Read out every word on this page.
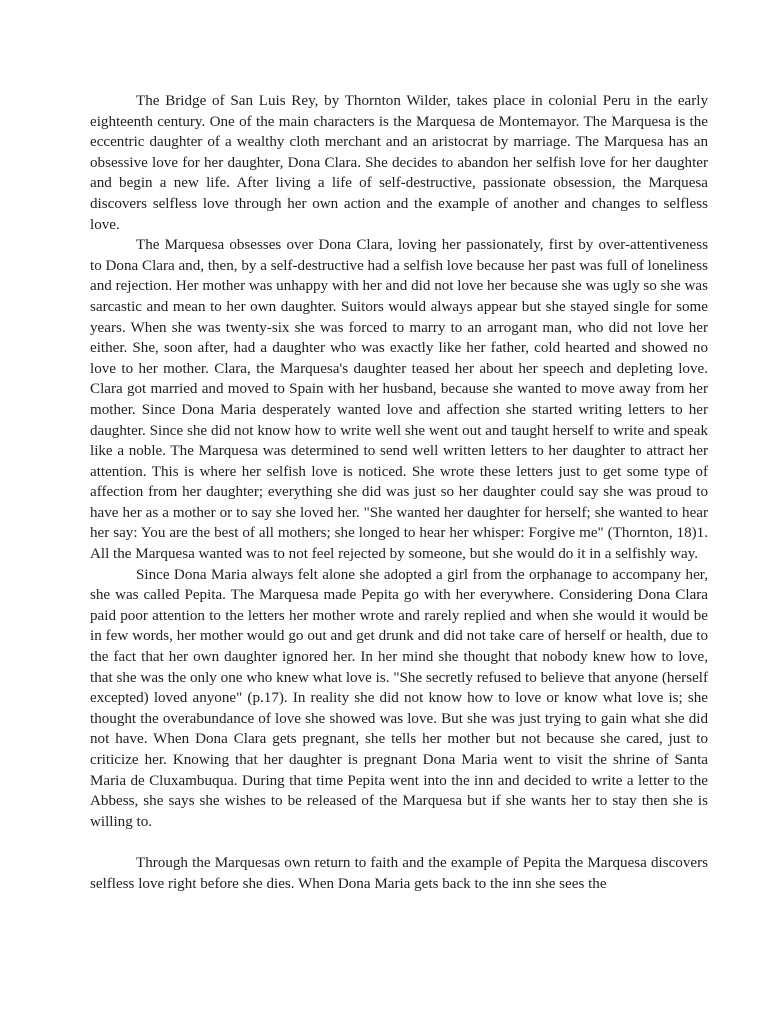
The Bridge of San Luis Rey, by Thornton Wilder, takes place in colonial Peru in the early eighteenth century. One of the main characters is the Marquesa de Montemayor. The Marquesa is the eccentric daughter of a wealthy cloth merchant and an aristocrat by marriage. The Marquesa has an obsessive love for her daughter, Dona Clara. She decides to abandon her selfish love for her daughter and begin a new life. After living a life of self-destructive, passionate obsession, the Marquesa discovers selfless love through her own action and the example of another and changes to selfless love.

The Marquesa obsesses over Dona Clara, loving her passionately, first by over-attentiveness to Dona Clara and, then, by a self-destructive had a selfish love because her past was full of loneliness and rejection. Her mother was unhappy with her and did not love her because she was ugly so she was sarcastic and mean to her own daughter. Suitors would always appear but she stayed single for some years. When she was twenty-six she was forced to marry to an arrogant man, who did not love her either. She, soon after, had a daughter who was exactly like her father, cold hearted and showed no love to her mother. Clara, the Marquesa's daughter teased her about her speech and depleting love. Clara got married and moved to Spain with her husband, because she wanted to move away from her mother. Since Dona Maria desperately wanted love and affection she started writing letters to her daughter. Since she did not know how to write well she went out and taught herself to write and speak like a noble. The Marquesa was determined to send well written letters to her daughter to attract her attention. This is where her selfish love is noticed. She wrote these letters just to get some type of affection from her daughter; everything she did was just so her daughter could say she was proud to have her as a mother or to say she loved her. "She wanted her daughter for herself; she wanted to hear her say: You are the best of all mothers; she longed to hear her whisper: Forgive me" (Thornton, 18)1. All the Marquesa wanted was to not feel rejected by someone, but she would do it in a selfishly way.

Since Dona Maria always felt alone she adopted a girl from the orphanage to accompany her, she was called Pepita. The Marquesa made Pepita go with her everywhere. Considering Dona Clara paid poor attention to the letters her mother wrote and rarely replied and when she would it would be in few words, her mother would go out and get drunk and did not take care of herself or health, due to the fact that her own daughter ignored her. In her mind she thought that nobody knew how to love, that she was the only one who knew what love is. "She secretly refused to believe that anyone (herself excepted) loved anyone" (p.17). In reality she did not know how to love or know what love is; she thought the overabundance of love she showed was love. But she was just trying to gain what she did not have. When Dona Clara gets pregnant, she tells her mother but not because she cared, just to criticize her. Knowing that her daughter is pregnant Dona Maria went to visit the shrine of Santa Maria de Cluxambuqua. During that time Pepita went into the inn and decided to write a letter to the Abbess, she says she wishes to be released of the Marquesa but if she wants her to stay then she is willing to.

Through the Marquesas own return to faith and the example of Pepita the Marquesa discovers selfless love right before she dies. When Dona Maria gets back to the inn she sees the
